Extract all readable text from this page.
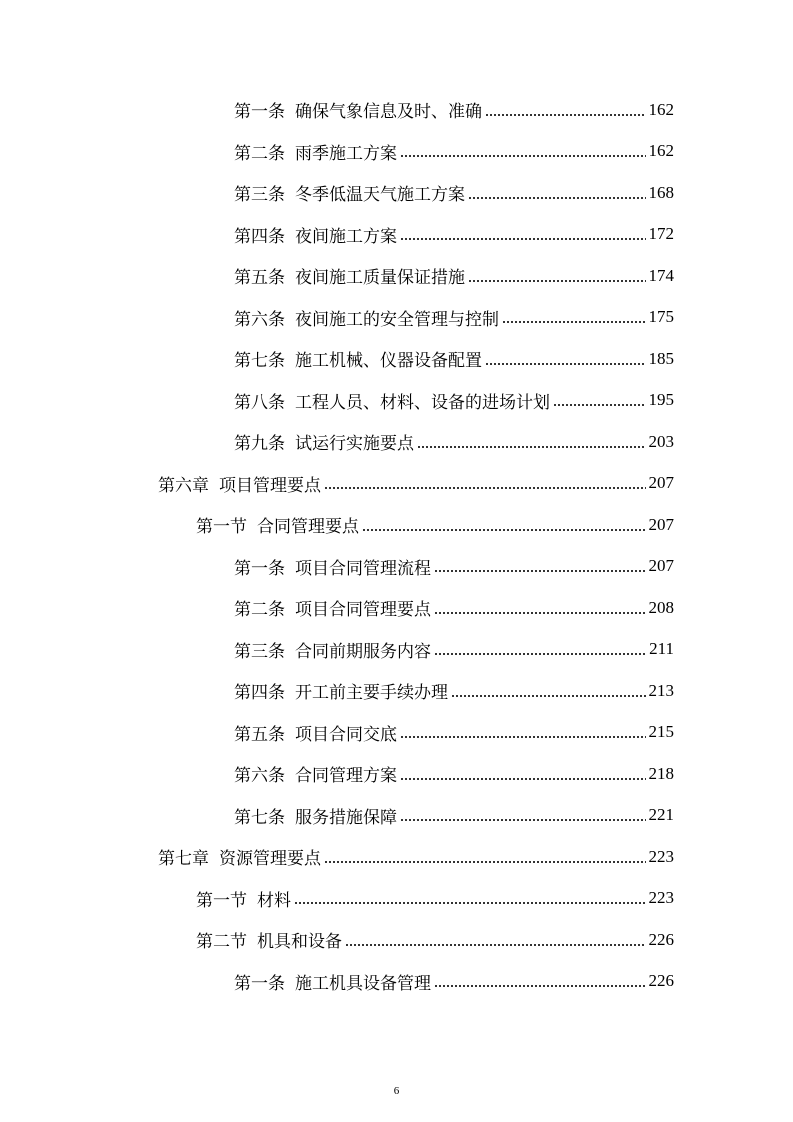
第一条 确保气象信息及时、准确	162
第二条 雨季施工方案	162
第三条 冬季低温天气施工方案	168
第四条 夜间施工方案	172
第五条 夜间施工质量保证措施	174
第六条 夜间施工的安全管理与控制	175
第七条 施工机械、仪器设备配置	185
第八条 工程人员、材料、设备的进场计划	195
第九条 试运行实施要点	203
第六章 项目管理要点	207
第一节 合同管理要点	207
第一条 项目合同管理流程	207
第二条 项目合同管理要点	208
第三条 合同前期服务内容	211
第四条 开工前主要手续办理	213
第五条 项目合同交底	215
第六条 合同管理方案	218
第七条 服务措施保障	221
第七章 资源管理要点	223
第一节 材料	223
第二节 机具和设备	226
第一条 施工机具设备管理	226
6
